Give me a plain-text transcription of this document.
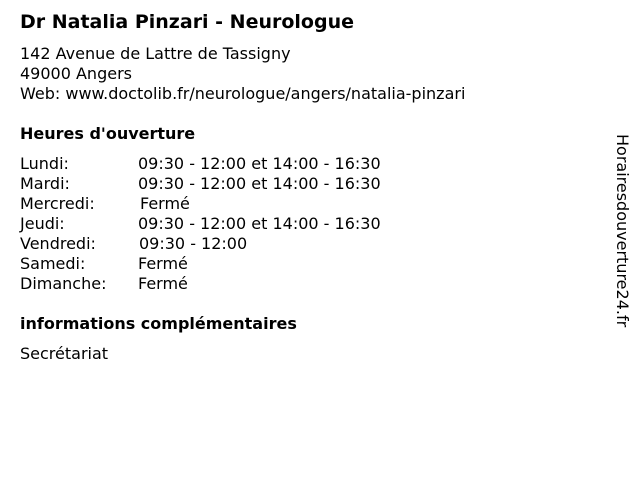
Dr Natalia Pinzari - Neurologue
142 Avenue de Lattre de Tassigny
49000 Angers
Web: www.doctolib.fr/neurologue/angers/natalia-pinzari
Heures d'ouverture
Lundi:	09:30 - 12:00 et 14:00 - 16:30
Mardi:	09:30 - 12:00 et 14:00 - 16:30
Mercredi:	Fermé
Jeudi:	09:30 - 12:00 et 14:00 - 16:30
Vendredi:	09:30 - 12:00
Samedi:	Fermé
Dimanche: Fermé
informations complémentaires
Secrétariat
Horairesdouverture24.fr
